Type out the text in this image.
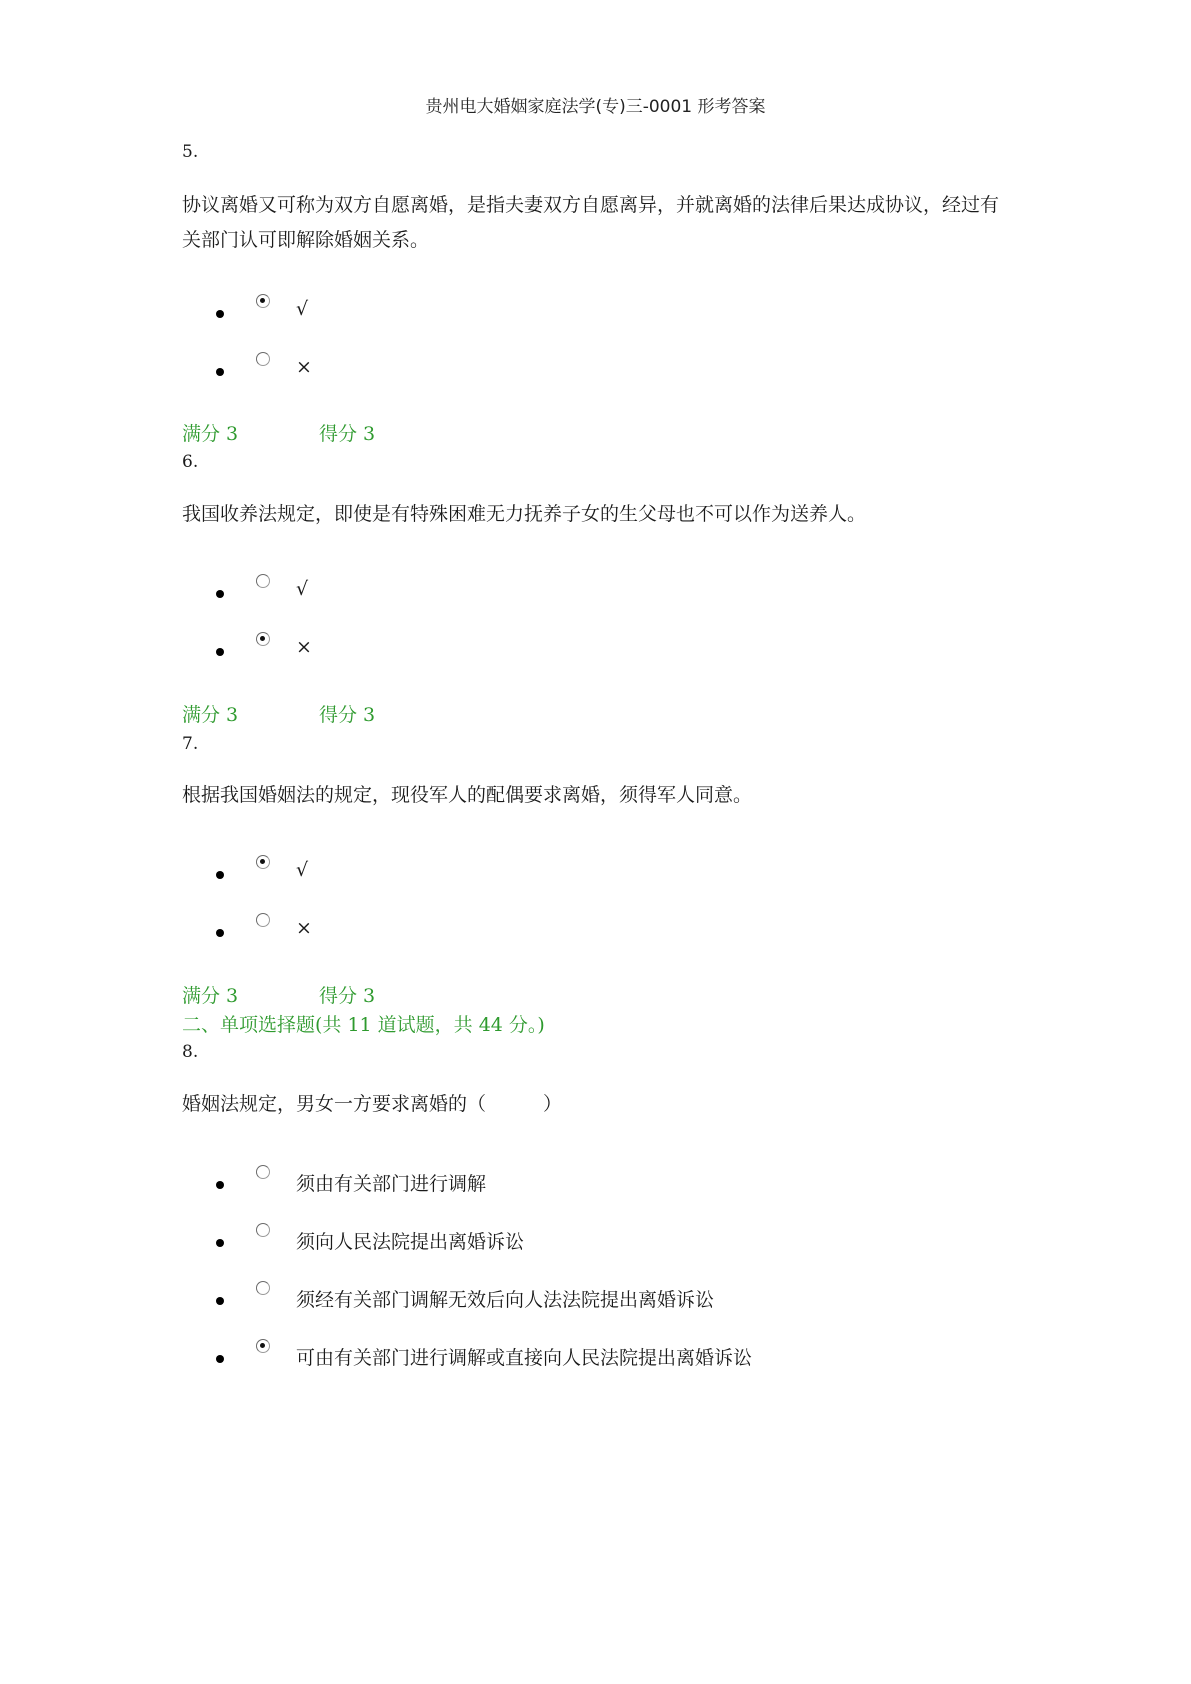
贵州电大婚姻家庭法学(专)三-0001 形考答案
5.
协议离婚又可称为双方自愿离婚，是指夫妻双方自愿离异，并就离婚的法律后果达成协议，经过有关部门认可即解除婚姻关系。
√
×
满分 3	得分 3
6.
我国收养法规定，即使是有特殊困难无力抚养子女的生父母也不可以作为送养人。
√
×
满分 3	得分 3
7.
根据我国婚姻法的规定，现役军人的配偶要求离婚，须得军人同意。
√
×
满分 3	得分 3
二、单项选择题(共 11 道试题，共 44 分。)
8.
婚姻法规定，男女一方要求离婚的（　　　）
须由有关部门进行调解
须向人民法院提出离婚诉讼
须经有关部门调解无效后向人法法院提出离婚诉讼
可由有关部门进行调解或直接向人民法院提出离婚诉讼
